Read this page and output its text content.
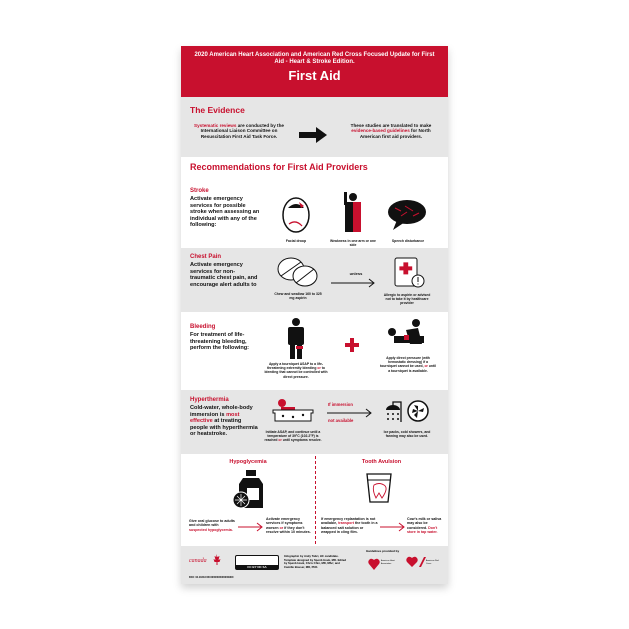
2020 American Heart Association and American Red Cross Focused Update for First Aid - Heart & Stroke Edition.
First Aid
The Evidence
Systematic reviews are conducted by the International Liaison Committee on Resuscitation First Aid Task Force.
These studies are translated to make evidence-based guidelines for North American first aid providers.
Recommendations for First Aid Providers
Stroke
Activate emergency services for possible stroke when assessing an individual with any of the following:
Facial droop	Weakness in one arm or one side
Speech disturbance
Chest Pain
Activate emergency services for non-traumatic chest pain, and encourage alert adults to
Chew and swallow 160 to 325 mg aspirin
unless
Allergic to aspirin or advised not to take it by healthcare provider
Bleeding
For treatment of life-threatening bleeding, perform the following:
Apply a tourniquet ASAP to a life-threatening extremity bleeding or to bleeding that cannot be controlled with direct pressure.
Apply direct pressure (with hemostatic dressing) if a tourniquet cannot be used, or until a tourniquet is available.
Hyperthermia
Cold-water, whole-body immersion is most effective at treating people with hyperthermia or heatstroke.	Initiate ASAP, and continue until a temperature of 39°C (102.2°F) is reached or until symptoms resolve.
If immersion
not available
Ice packs, cold showers, and fanning may also be used.
Hypoglycemia
Give oral glucose to adults and children with suspected hypoglycemia.
Activate emergency services if symptoms worsen or if they don't resolve within 10 minutes.
Tooth Avulsion
If emergency replantation is not available, transport the tooth in a balanced salt solution or wrapped in cling film.
Cow's milk or saliva may also be considered. Don't store in tap water.
canada
CC BY NC SA
Infographic by Andy Tabri, HC candidate. Template designed by Spenb Hoek, MD. Edited by Spenb Hoek, Chris Chin, MD, MSc; and Camille Bouser, MD, PhD.
Guidelines provided by
American Heart Association
American Red Cross
DOI: 10.1161/CIR.0000000000000900
